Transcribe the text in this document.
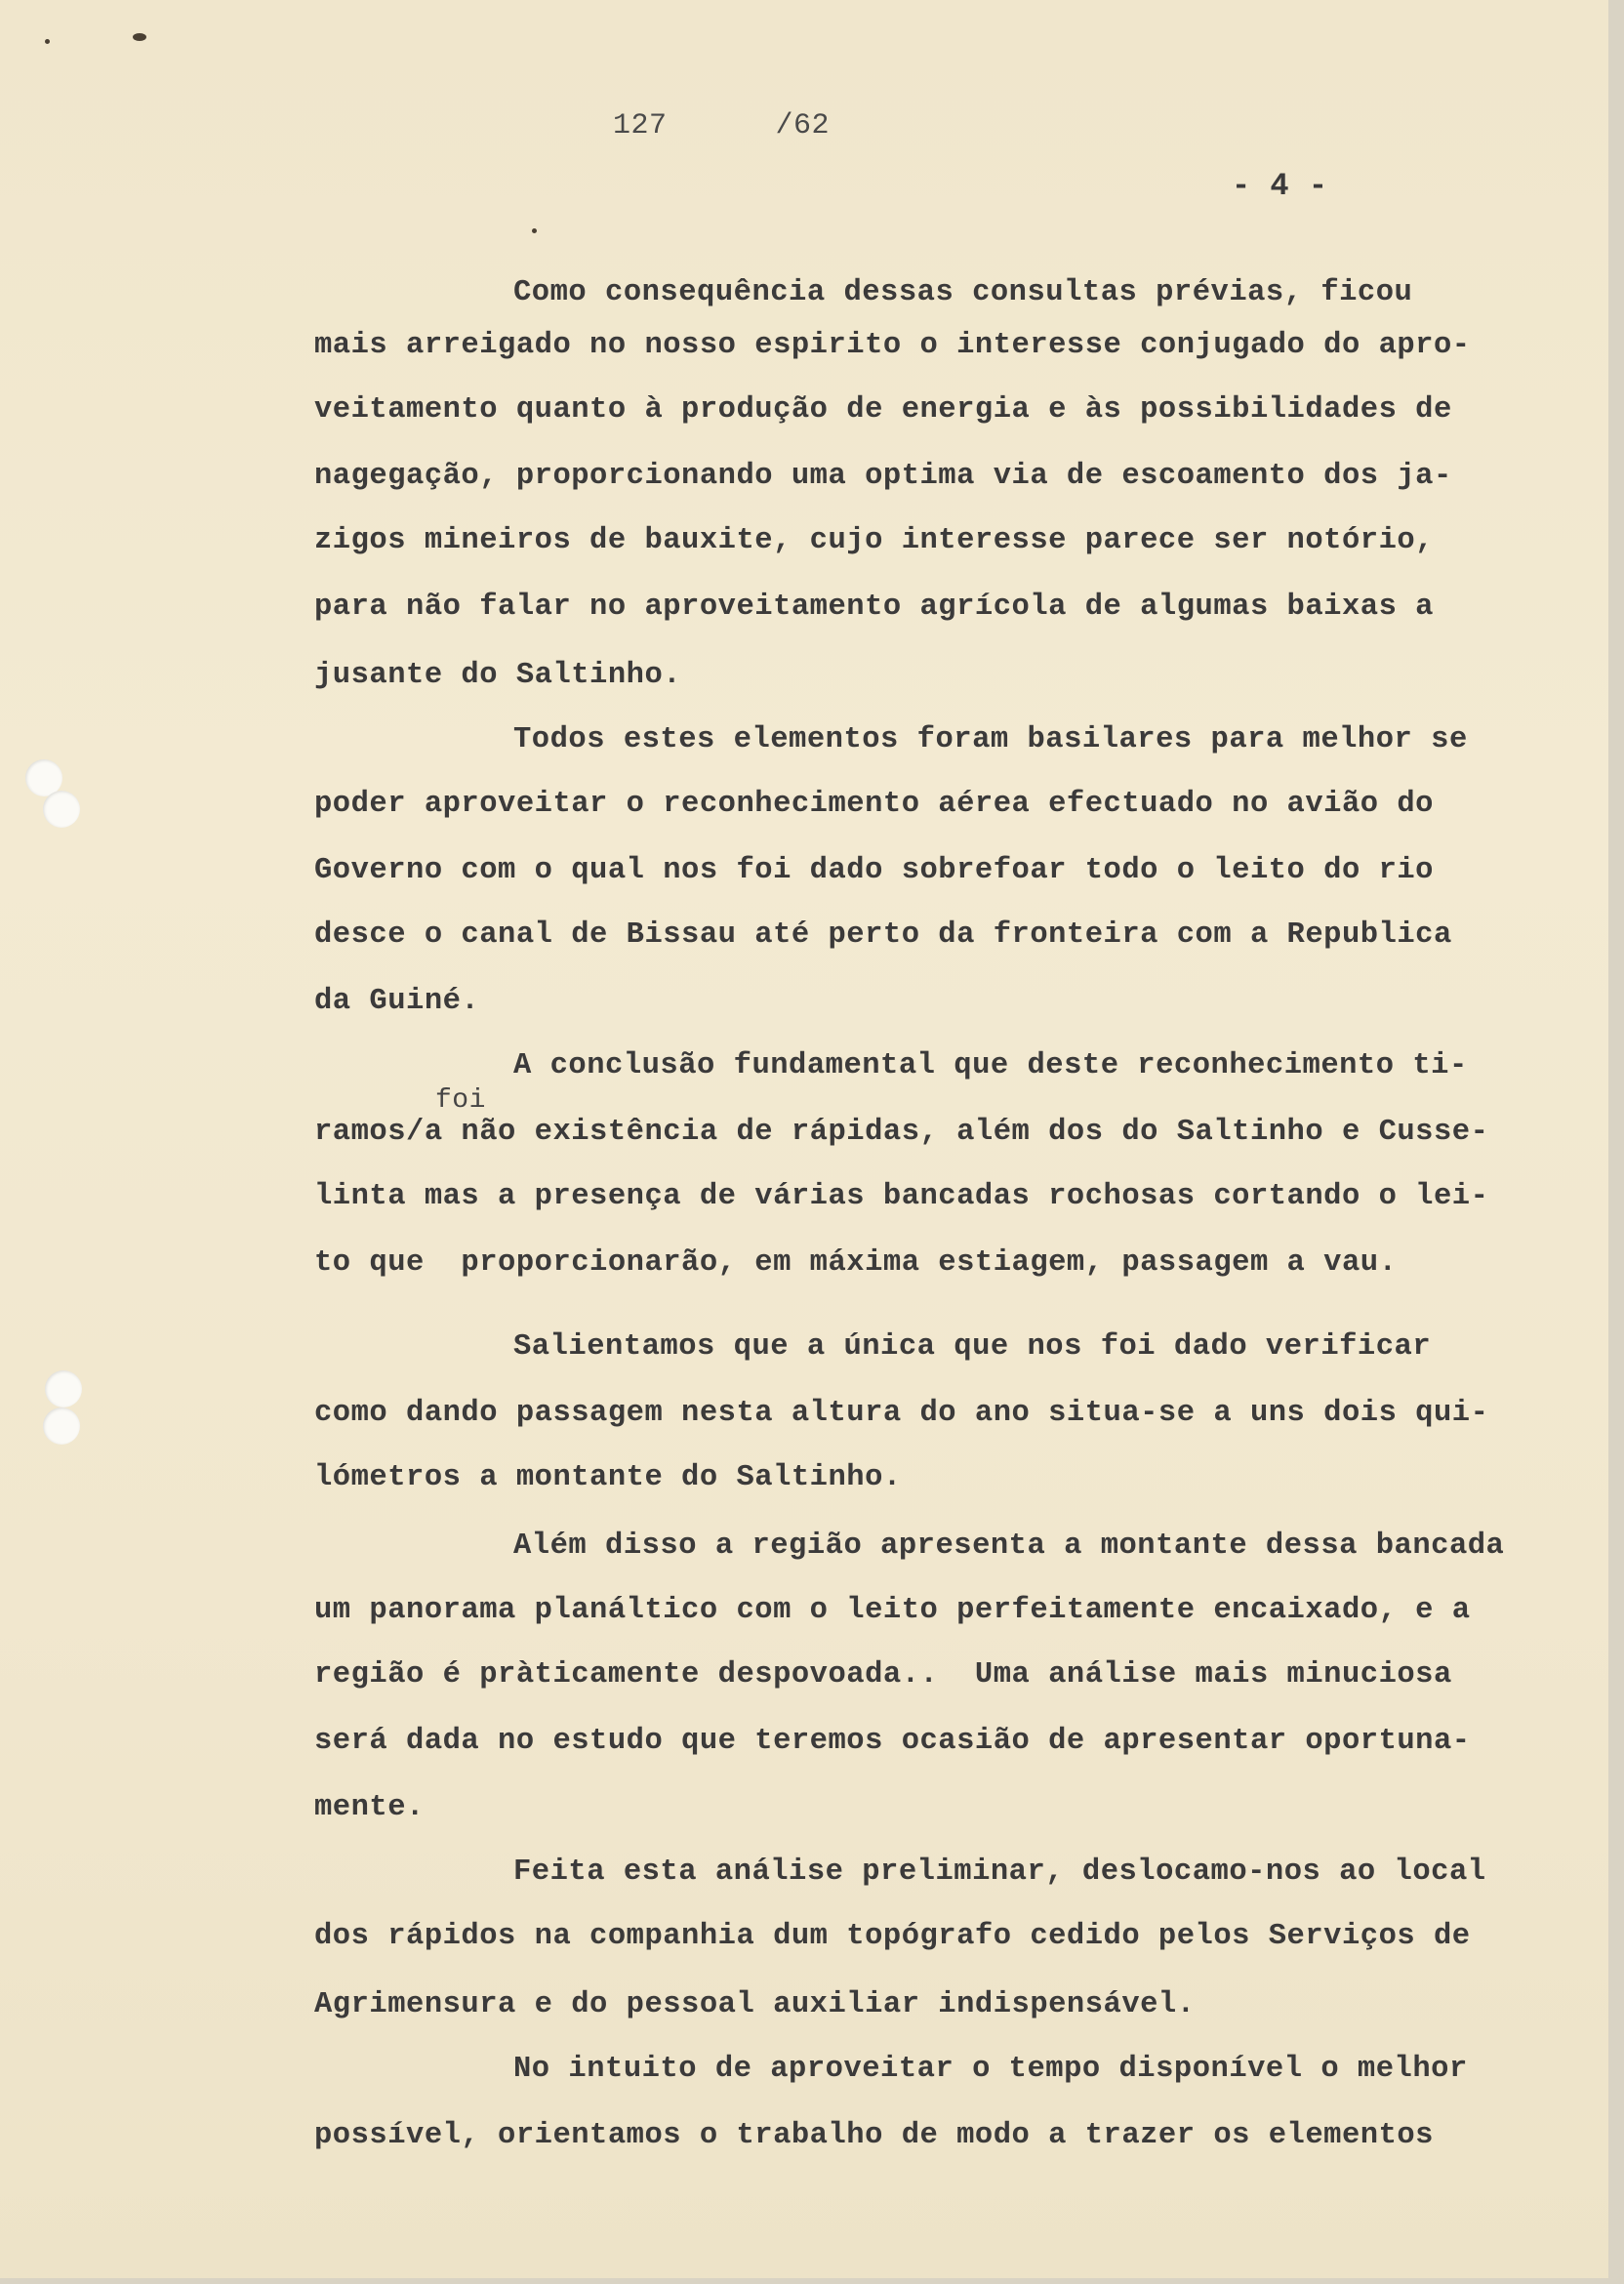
127      /62
- 4 -
Como consequência dessas consultas prévias, ficou
mais arreigado no nosso espirito o interesse conjugado do apro-
veitamento quanto à produção de energia e às possibilidades de
nagegação, proporcionando uma optima via de escoamento dos ja-
zigos mineiros de bauxite, cujo interesse parece ser notório,
para não falar no aproveitamento agrícola de algumas baixas a
jusante do Saltinho.
Todos estes elementos foram basilares para melhor se
poder aproveitar o reconhecimento aérea efectuado no avião do
Governo com o qual nos foi dado sobrefoar todo o leito do rio
desce o canal de Bissau até perto da fronteira com a Republica
da Guiné.
A conclusão fundamental que deste reconhecimento ti-
foi
ramos/a não existência de rápidas, além dos do Saltinho e Cusse-
linta mas a presença de várias bancadas rochosas cortando o lei-
to que  proporcionarão, em máxima estiagem, passagem a vau.
Salientamos que a única que nos foi dado verificar
como dando passagem nesta altura do ano situa-se a uns dois qui-
lómetros a montante do Saltinho.
Além disso a região apresenta a montante dessa bancada
um panorama planáltico com o leito perfeitamente encaixado, e a
região é pràticamente despovoada..  Uma análise mais minuciosa
será dada no estudo que teremos ocasião de apresentar oportuna-
mente.
Feita esta análise preliminar, deslocamo-nos ao local
dos rápidos na companhia dum topógrafo cedido pelos Serviços de
Agrimensura e do pessoal auxiliar indispensável.
No intuito de aproveitar o tempo disponível o melhor
possível, orientamos o trabalho de modo a trazer os elementos
